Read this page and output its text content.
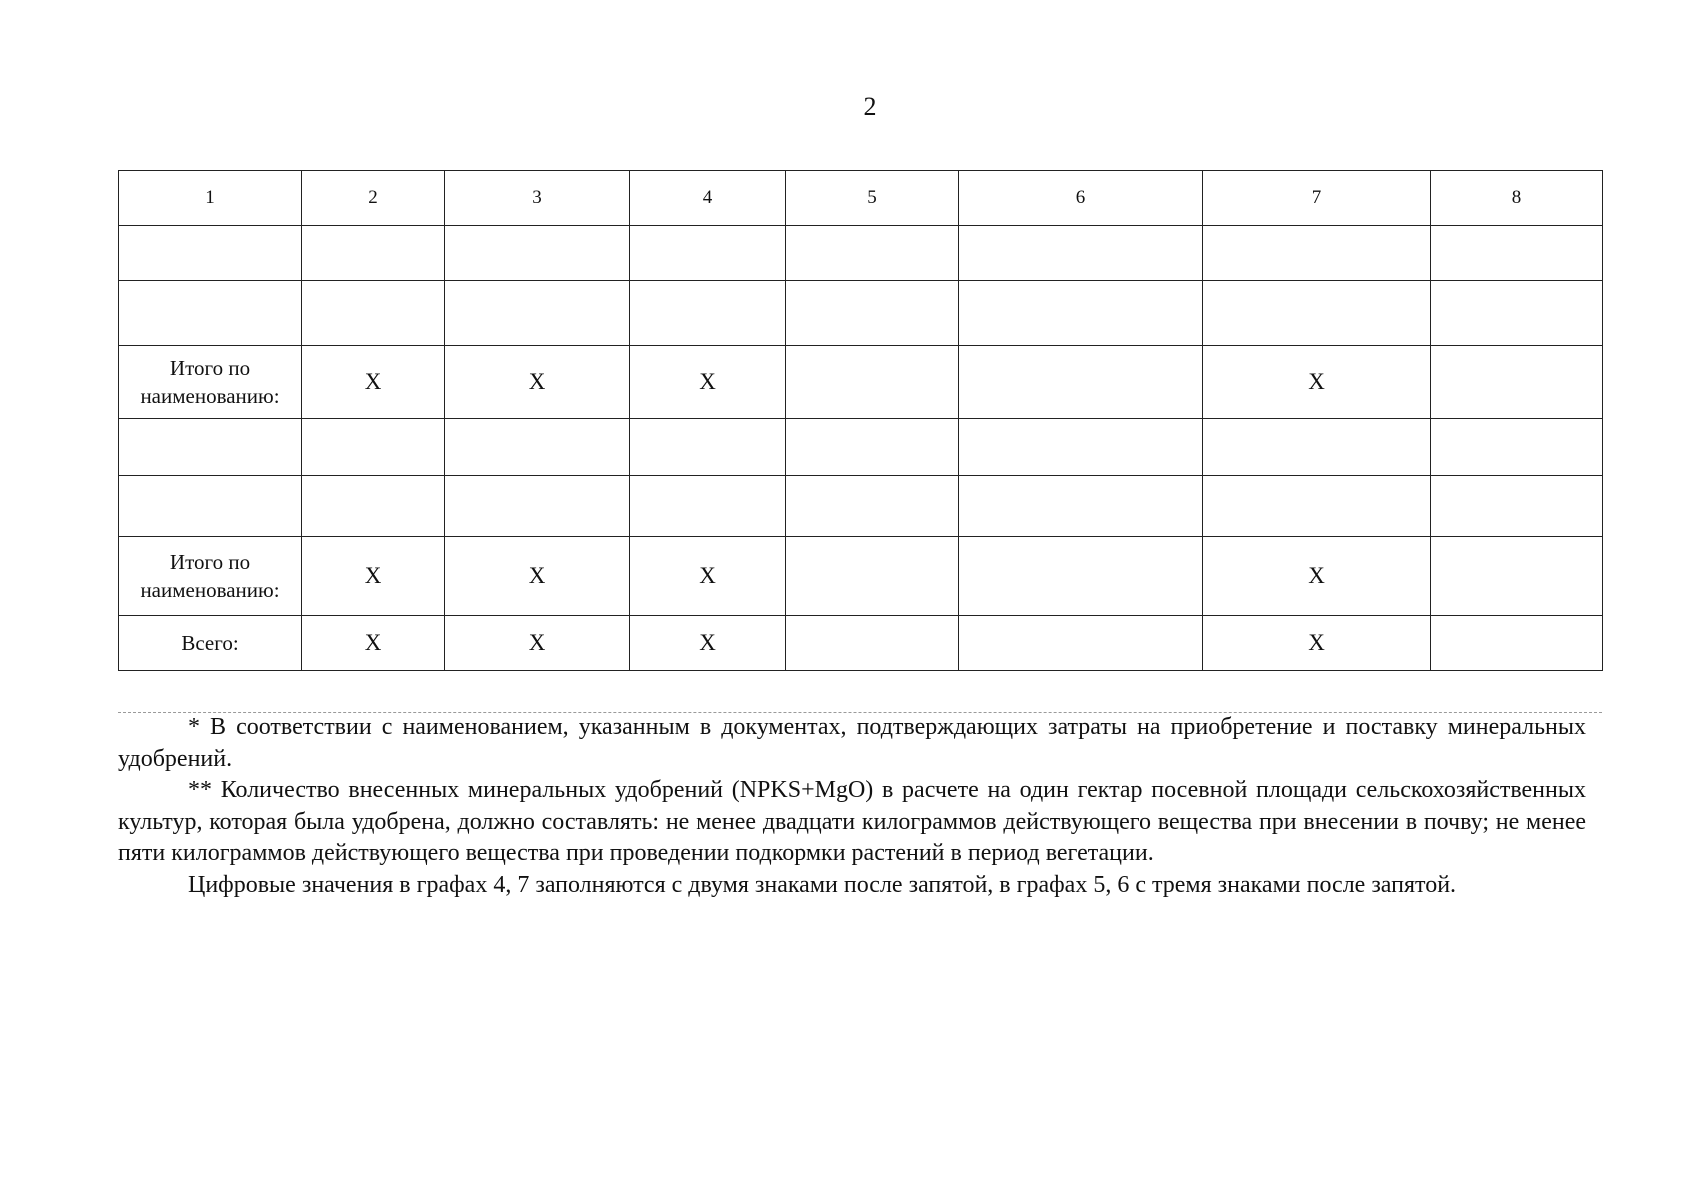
2
1	2	3	4	5	6	7	8

Итого по наименованию:	X	X	X			X	

Итого по наименованию:	X	X	X			X	
Всего:	X	X	X			X	

* В соответствии с наименованием, указанным в документах, подтверждающих затраты на приобретение и поставку минеральных удобрений.

** Количество внесенных минеральных удобрений (NPKS+MgO) в расчете на один гектар посевной площади сельскохозяйственных культур, которая была удобрена, должно составлять: не менее двадцати килограммов действующего вещества при внесении в почву; не менее пяти килограммов действующего вещества при проведении подкормки растений в период вегетации.

Цифровые значения в графах 4, 7 заполняются с двумя знаками после запятой, в графах 5, 6 с тремя знаками после запятой.
